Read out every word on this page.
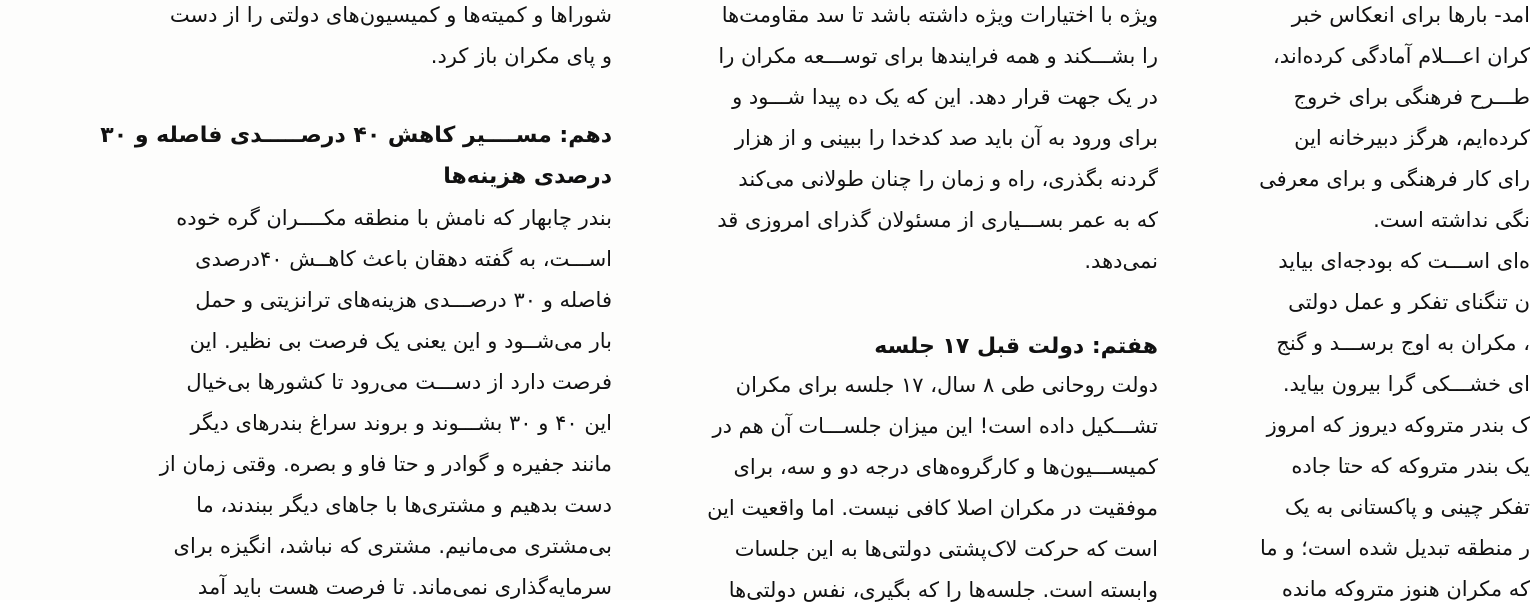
شوراها و کمیته‌ها و کمیسیون‌های دولتی را از دست
و پای مکران باز کرد.
دهم: مســــیر کاهش ۴۰ درصـــــدی فاصله و ۳۰
درصدی هزینه‌ها
بندر چابهار که نامش با منطقه مکــــران گره خوده
اســـت، به گفته دهقان باعث کاهــش ۴۰درصدی
فاصله و ۳۰ درصـــدی هزینه‌های ترانزیتی و حمل
بار می‌شــود و این یعنی یک فرصت بی نظیر. این
فرصت دارد از دســـت می‌رود تا کشورها بی‌خیال
این ۴۰ و ۳۰ بشـــوند و بروند سراغ بندرهای دیگر
مانند جفیره و گوادر و حتا فاو و بصره. وقتی زمان از
دست بدهیم و مشتری‌ها با جاهای دیگر ببندند، ما
بی‌مشتری می‌مانیم. مشتری که نباشد، انگیزه برای
سرمایه‌گذاری نمی‌ماند. تا فرصت هست باید آمد
ویژه با اختیارات ویژه داشته باشد تا سد مقاومت‌ها
را بشـــکند و همه فرایندها برای توســـعه مکران را
در یک جهت قرار دهد. این که یک ده پیدا شـــود و
برای ورود به آن باید صد کدخدا را ببینی و از هزار
گردنه بگذری، راه و زمان را چنان طولانی می‌کند
که به عمر بســـیاری از مسئولان گذرای امروزی قد
نمی‌دهد.
هفتم: دولت قبل ۱۷ جلسه
دولت روحانی طی ۸ سال، ۱۷ جلسه برای مکران
تشـــکیل داده است! این میزان جلســـات آن هم در
کمیســـیون‌ها و کارگروه‌های درجه دو و سه، برای
موفقیت در مکران اصلا کافی نیست. اما واقعیت این
است که حرکت لاک‌پشتی دولتی‌ها به این جلسات
وابسته است. جلسه‌ها را که بگیری، نفس دولتی‌ها
امد- بارها برای انعکاس خبر
کران اعـــلام آمادگی کرده‌اند،
طـــرح فرهنگی برای خروج
کرده‌ایم، هرگز دبیرخانه این
رای کار فرهنگی و برای معرفی
نگی نداشته است.
ه‌ای اســـت که بودجه‌ای بیاید
ن تنگنای تفکر و عمل دولتی
، مکران به اوج برســـد و گنج
ای خشـــکی گرا بیرون بیاید.
ک بندر متروکه دیروز که امروز
یک بندر متروکه که حتا جاده
تفکر چینی و پاکستانی به یک
ر منطقه تبدیل شده است؛ و ما
که مکران هنوز متروکه مانده
